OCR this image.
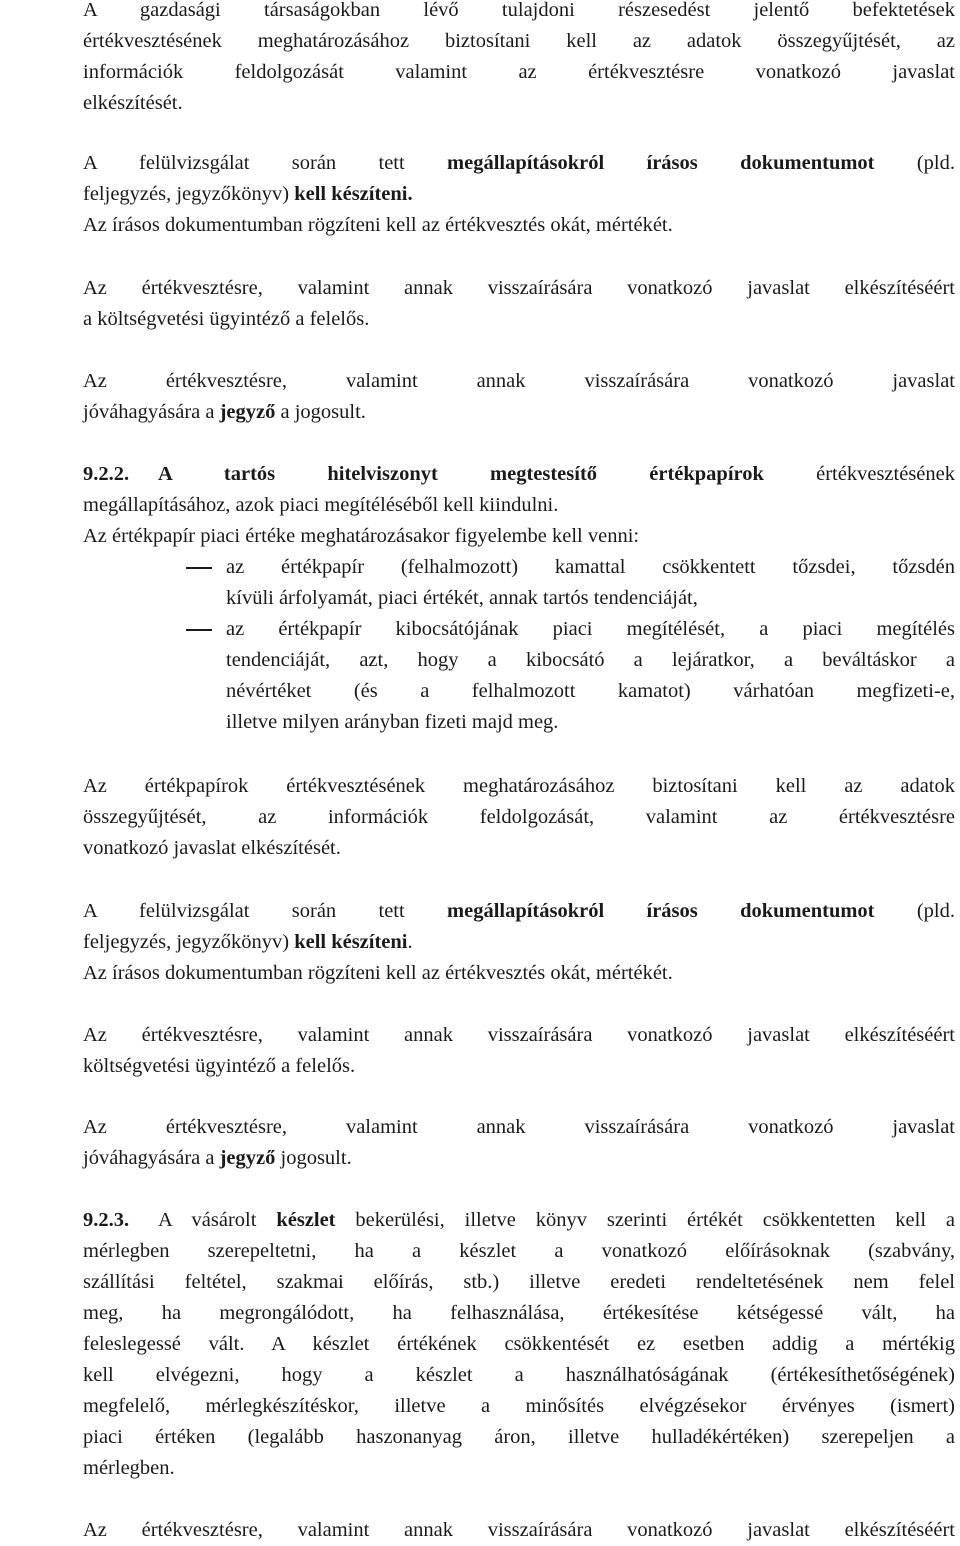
A gazdasági társaságokban lévő tulajdoni részesedést jelentő befektetések
értékvesztésének meghatározásához biztosítani kell az adatok összegyűjtését, az
információk feldolgozását valamint az értékvesztésre vonatkozó javaslat
elkészítését.
A felülvizsgálat során tett megállapításokról írásos dokumentumot (pld.
feljegyzés, jegyzőkönyv) kell készíteni.
Az írásos dokumentumban rögzíteni kell az értékvesztés okát, mértékét.
Az értékvesztésre, valamint annak visszaírására vonatkozó javaslat elkészítéséért
a költségvetési ügyintéző a felelős.
Az értékvesztésre, valamint annak visszaírására vonatkozó javaslat
jóváhagyására a jegyző a jogosult.
9.2.2. A tartós hitelviszonyt megtestesítő értékpapírok értékvesztésének
megállapításához, azok piaci megítéléséből kell kiindulni.
Az értékpapír piaci értéke meghatározásakor figyelembe kell venni:
az értékpapír (felhalmozott) kamattal csökkentett tőzsdei, tőzsdén
kívüli árfolyamát, piaci értékét, annak tartós tendenciáját,
az értékpapír kibocsátójának piaci megítélését, a piaci megítélés
tendenciáját, azt, hogy a kibocsátó a lejáratkor, a beváltáskor a
névértéket (és a felhalmozott kamatot) várhatóan megfizeti-e,
illetve milyen arányban fizeti majd meg.
Az értékpapírok értékvesztésének meghatározásához biztosítani kell az adatok
összegyűjtését, az információk feldolgozását, valamint az értékvesztésre
vonatkozó javaslat elkészítését.
A felülvizsgálat során tett megállapításokról írásos dokumentumot (pld.
feljegyzés, jegyzőkönyv) kell készíteni.
Az írásos dokumentumban rögzíteni kell az értékvesztés okát, mértékét.
Az értékvesztésre, valamint annak visszaírására vonatkozó javaslat elkészítéséért
költségvetési ügyintéző a felelős.
Az értékvesztésre, valamint annak visszaírására vonatkozó javaslat
jóváhagyására a jegyző jogosult.
9.2.3. A vásárolt készlet bekerülési, illetve könyv szerinti értékét csökkentetten kell a
mérlegben szerepeltetni, ha a készlet a vonatkozó előírásoknak (szabvány,
szállítási feltétel, szakmai előírás, stb.) illetve eredeti rendeltetésének nem felel
meg, ha megrongálódott, ha felhasználása, értékesítése kétségessé vált, ha
feleslegessé vált. A készlet értékének csökkentését ez esetben addig a mértékig
kell elvégezni, hogy a készlet a használhatóságának (értékesíthetőségének)
megfelelő, mérlegkészítéskor, illetve a minősítés elvégzésekor érvényes (ismert)
piaci értéken (legalább haszonanyag áron, illetve hulladékértéken) szerepeljen a
mérlegben.
Az értékvesztésre, valamint annak visszaírására vonatkozó javaslat elkészítéséért
